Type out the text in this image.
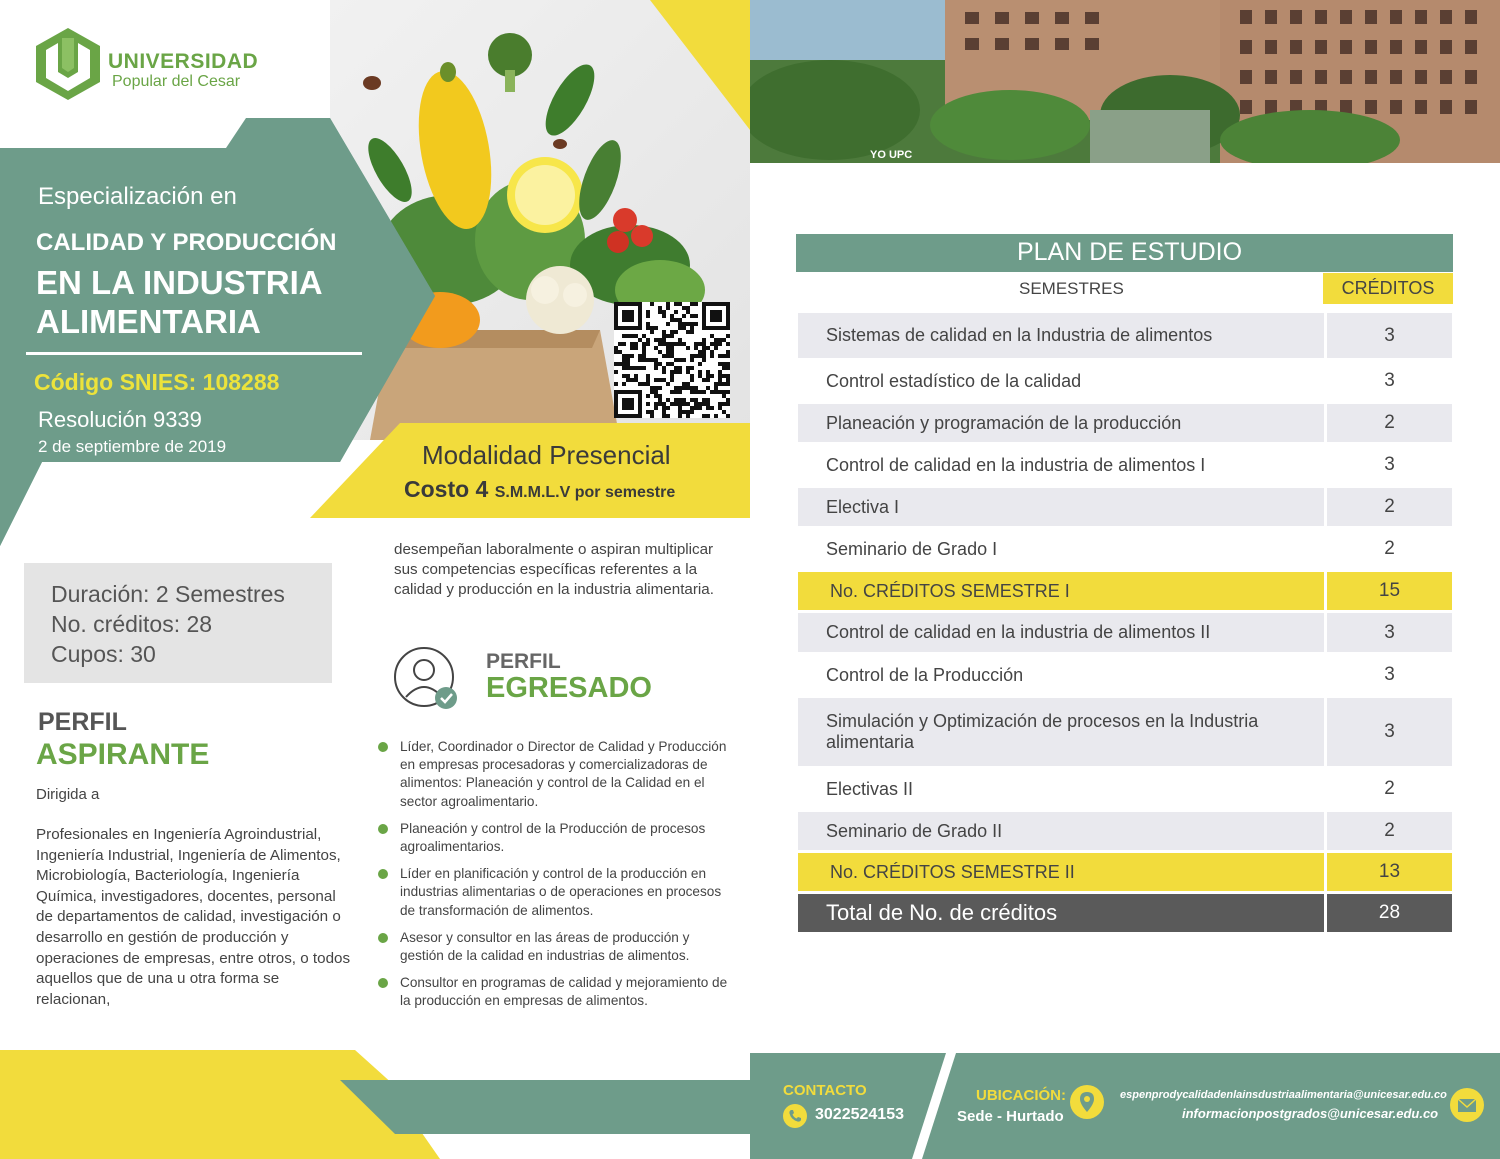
UNIVERSIDAD
Popular del Cesar
Especialización en
CALIDAD Y PRODUCCIÓN
EN LA INDUSTRIA ALIMENTARIA
Código SNIES: 108288
Resolución 9339
2 de septiembre de 2019	Modalidad Presencial
Costo 4 S.M.M.L.V por semestre
Duración: 2 Semestres
No. créditos: 28
Cupos: 30
PERFIL
ASPIRANTE
Dirigida a
Profesionales en Ingeniería Agroindustrial, Ingeniería Industrial, Ingeniería de Alimentos, Microbiología, Bacteriología, Ingeniería Química, investigadores, docentes, personal de departamentos de calidad, investigación o desarrollo en gestión de producción y operaciones de empresas, entre otros, o todos aquellos que de una u otra forma se relacionan,
desempeñan laboralmente o aspiran multiplicar sus competencias específicas referentes a la calidad y producción en la industria alimentaria.
PERFIL
EGRESADO
Líder, Coordinador o Director de Calidad y Producción en empresas procesadoras y comercializadoras de alimentos: Planeación y control de la Calidad en el sector agroalimentario.
Planeación y control de la Producción de procesos agroalimentarios.
Líder en planificación y control de la producción en industrias alimentarias o de operaciones en procesos de transformación de alimentos.
Asesor y consultor en las áreas de producción y gestión de la calidad en industrias de alimentos.
Consultor en programas de calidad y mejoramiento de la producción en empresas de alimentos.
YO UPC
PLAN DE ESTUDIO
SEMESTRES	CRÉDITOS
Sistemas de calidad en la Industria de alimentos	3
Control estadístico de la calidad	3
Planeación y programación de la producción	2
Control de calidad en la industria de alimentos I	3
Electiva I	2
Seminario de Grado I	2
No. CRÉDITOS SEMESTRE I	15
Control de calidad en la industria de alimentos II	3
Control de la Producción	3
Simulación y Optimización de procesos en la Industria alimentaria	3
Electivas II	2
Seminario de Grado II	2
No. CRÉDITOS SEMESTRE II	13
Total de No. de créditos	28
CONTACTO
3022524153
UBICACIÓN:
Sede - Hurtado
espenprodycalidadenlainsdustriaalimentaria@unicesar.edu.co
informacionpostgrados@unicesar.edu.co
